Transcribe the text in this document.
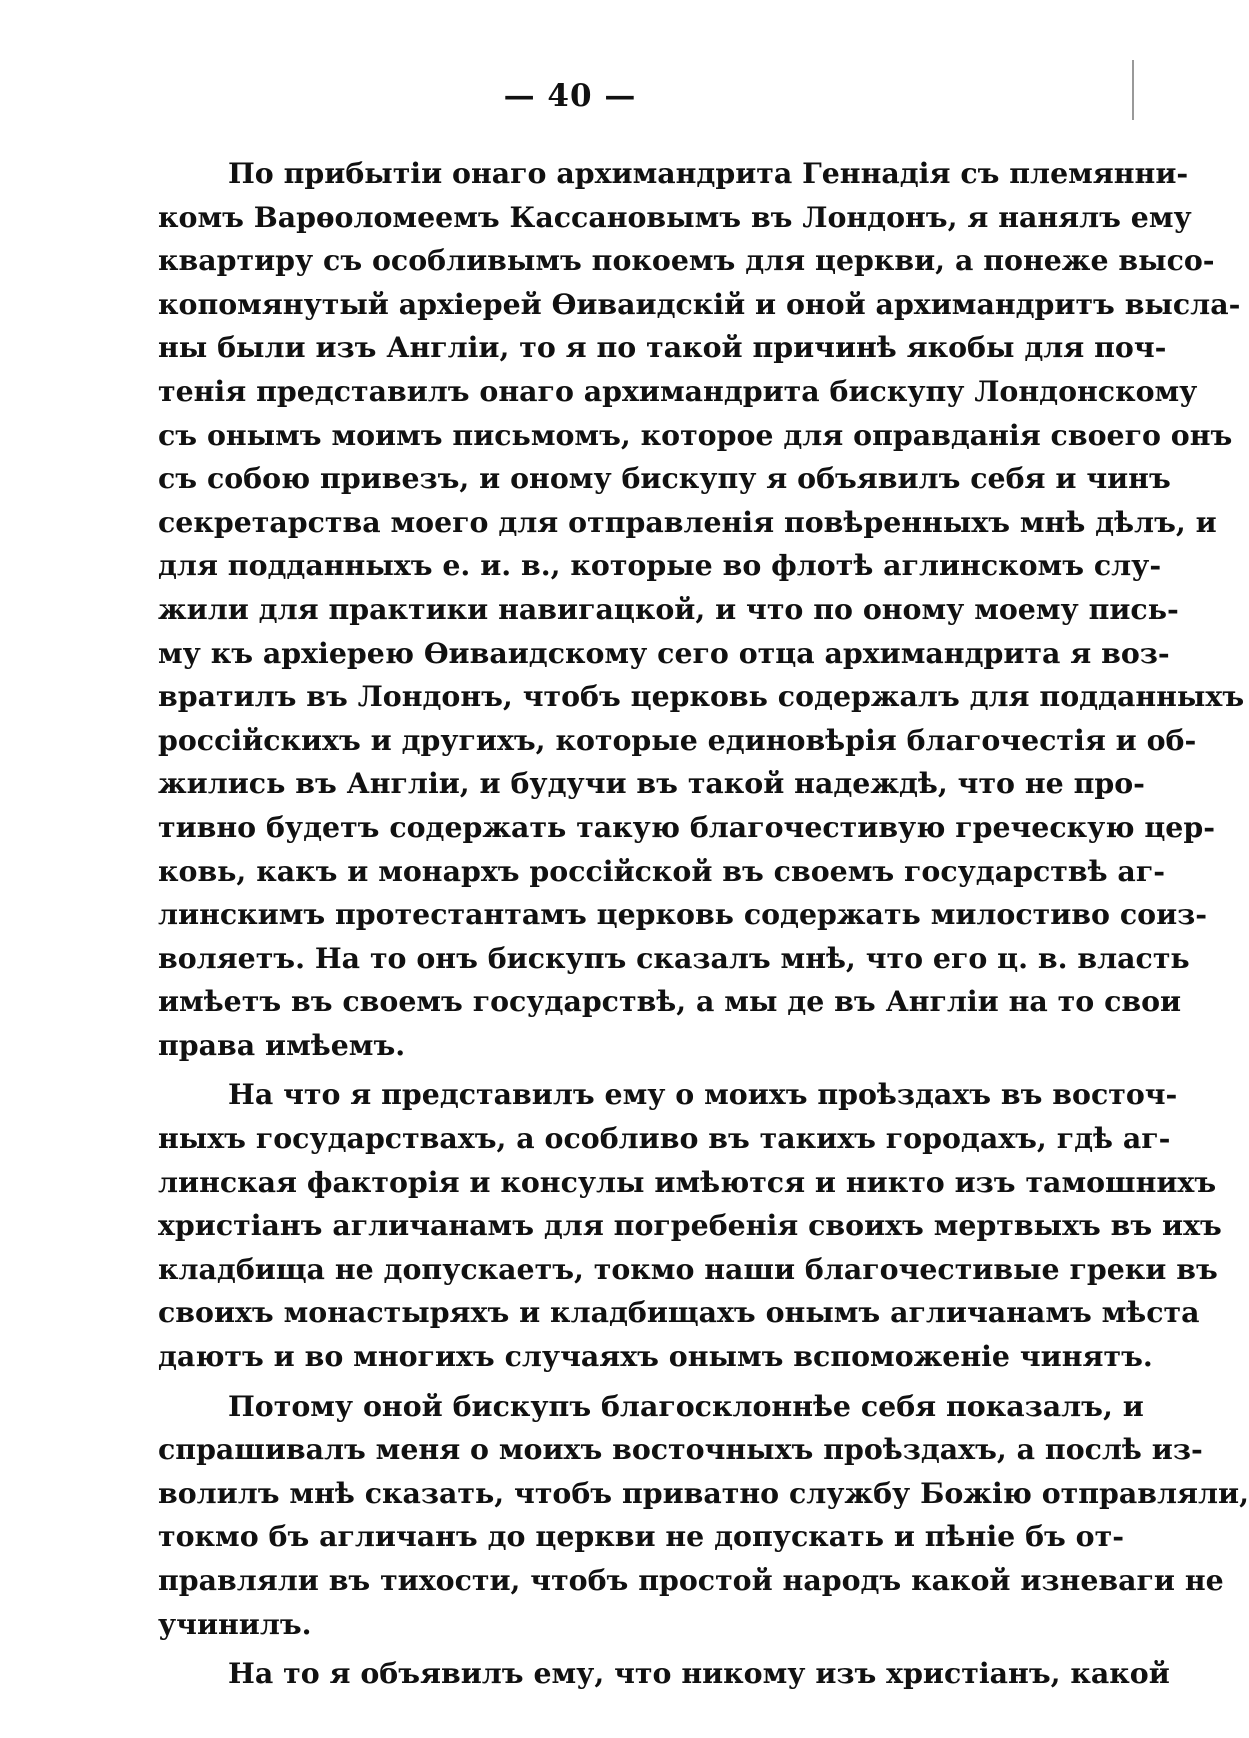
— 40 —
По прибытіи онаго архимандрита Геннадія съ племянни-
комъ Варѳоломеемъ Кассановымъ въ Лондонъ, я нанялъ ему
квартиру съ особливымъ покоемъ для церкви, а понеже высо-
копомянутый архіерей Ѳиваидскій и оной архимандритъ высла-
ны были изъ Англіи, то я по такой причинѣ якобы для поч-
тенія представилъ онаго архимандрита бискупу Лондонскому
съ онымъ моимъ письмомъ, которое для оправданія своего онъ
съ собою привезъ, и оному бискупу я объявилъ себя и чинъ
секретарства моего для отправленія повѣренныхъ мнѣ дѣлъ, и
для подданныхъ е. и. в., которые во флотѣ аглинскомъ слу-
жили для практики навигацкой, и что по оному моему пись-
му къ архіерею Ѳиваидскому сего отца архимандрита я воз-
вратилъ въ Лондонъ, чтобъ церковь содержалъ для подданныхъ
россійскихъ и другихъ, которые единовѣрія благочестія и об-
жились въ Англіи, и будучи въ такой надеждѣ, что не про-
тивно будетъ содержать такую благочестивую греческую цер-
ковь, какъ и монархъ россійской въ своемъ государствѣ аг-
линскимъ протестантамъ церковь содержать милостиво соиз-
воляетъ. На то онъ бискупъ сказалъ мнѣ, что его ц. в. власть
имѣетъ въ своемъ государствѣ, а мы де въ Англіи на то свои
права имѣемъ.
На что я представилъ ему о моихъ проѣздахъ въ восточ-
ныхъ государствахъ, а особливо въ такихъ городахъ, гдѣ аг-
линская факторія и консулы имѣются и никто изъ тамошнихъ
христіанъ агличанамъ для погребенія своихъ мертвыхъ въ ихъ
кладбища не допускаетъ, токмо наши благочестивые греки въ
своихъ монастыряхъ и кладбищахъ онымъ агличанамъ мѣста
даютъ и во многихъ случаяхъ онымъ вспоможеніе чинятъ.
Потому оной бискупъ благосклоннѣе себя показалъ, и
спрашивалъ меня о моихъ восточныхъ проѣздахъ, а послѣ из-
волилъ мнѣ сказать, чтобъ приватно службу Божію отправляли,
токмо бъ агличанъ до церкви не допускать и пѣніе бъ от-
правляли въ тихости, чтобъ простой народъ какой изневаги не
учинилъ.
На то я объявилъ ему, что никому изъ христіанъ, какой
